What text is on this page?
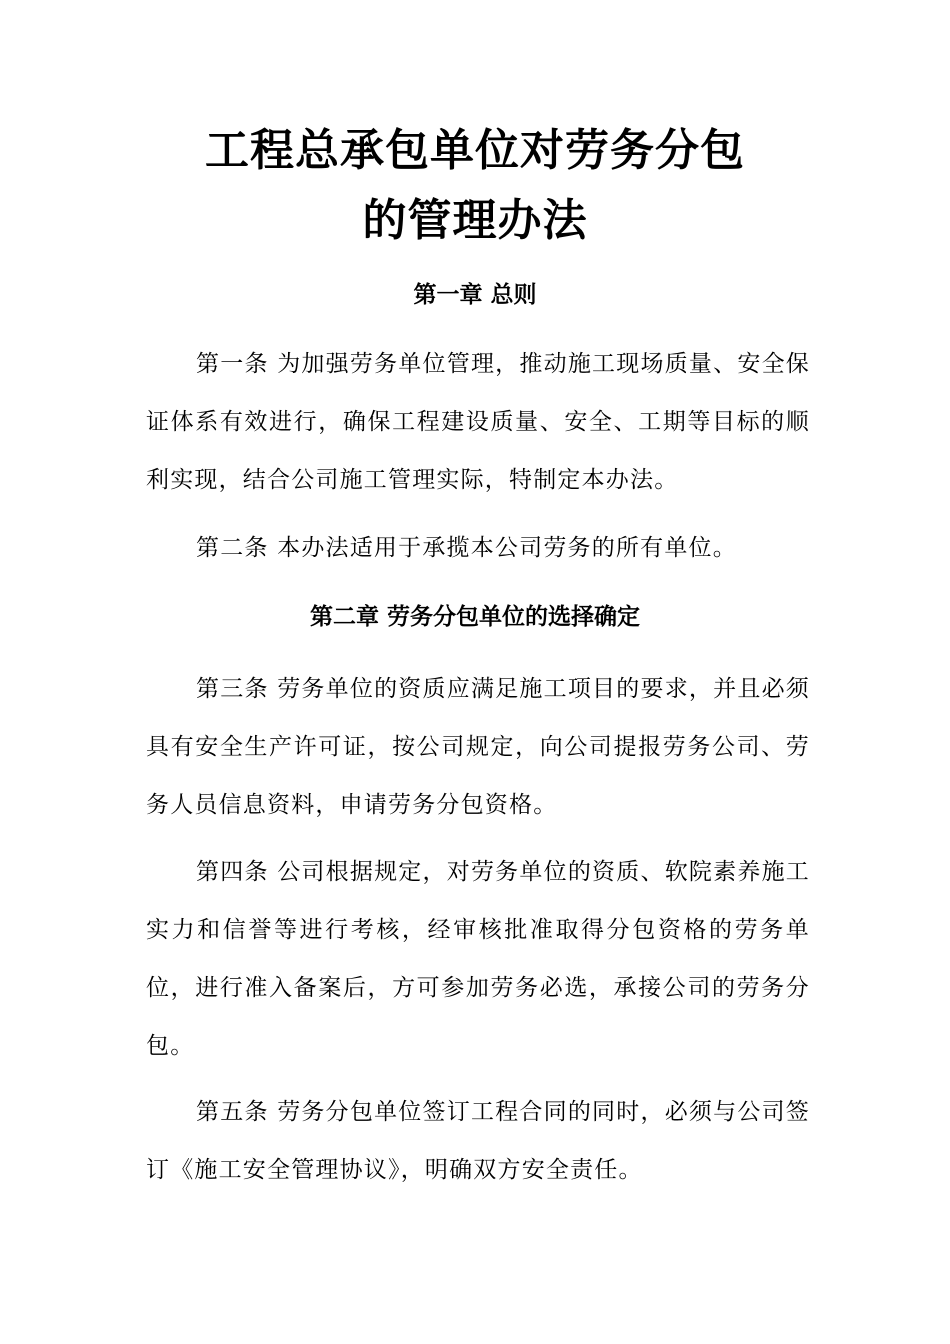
工程总承包单位对劳务分包
的管理办法
第一章 总则
第一条 为加强劳务单位管理，推动施工现场质量、安全保证体系有效进行，确保工程建设质量、安全、工期等目标的顺利实现，结合公司施工管理实际，特制定本办法。
第二条 本办法适用于承揽本公司劳务的所有单位。
第二章 劳务分包单位的选择确定
第三条 劳务单位的资质应满足施工项目的要求，并且必须具有安全生产许可证，按公司规定，向公司提报劳务公司、劳务人员信息资料，申请劳务分包资格。
第四条 公司根据规定，对劳务单位的资质、软院素养施工实力和信誉等进行考核，经审核批准取得分包资格的劳务单位，进行准入备案后，方可参加劳务必选，承接公司的劳务分包。
第五条 劳务分包单位签订工程合同的同时，必须与公司签订《施工安全管理协议》，明确双方安全责任。
